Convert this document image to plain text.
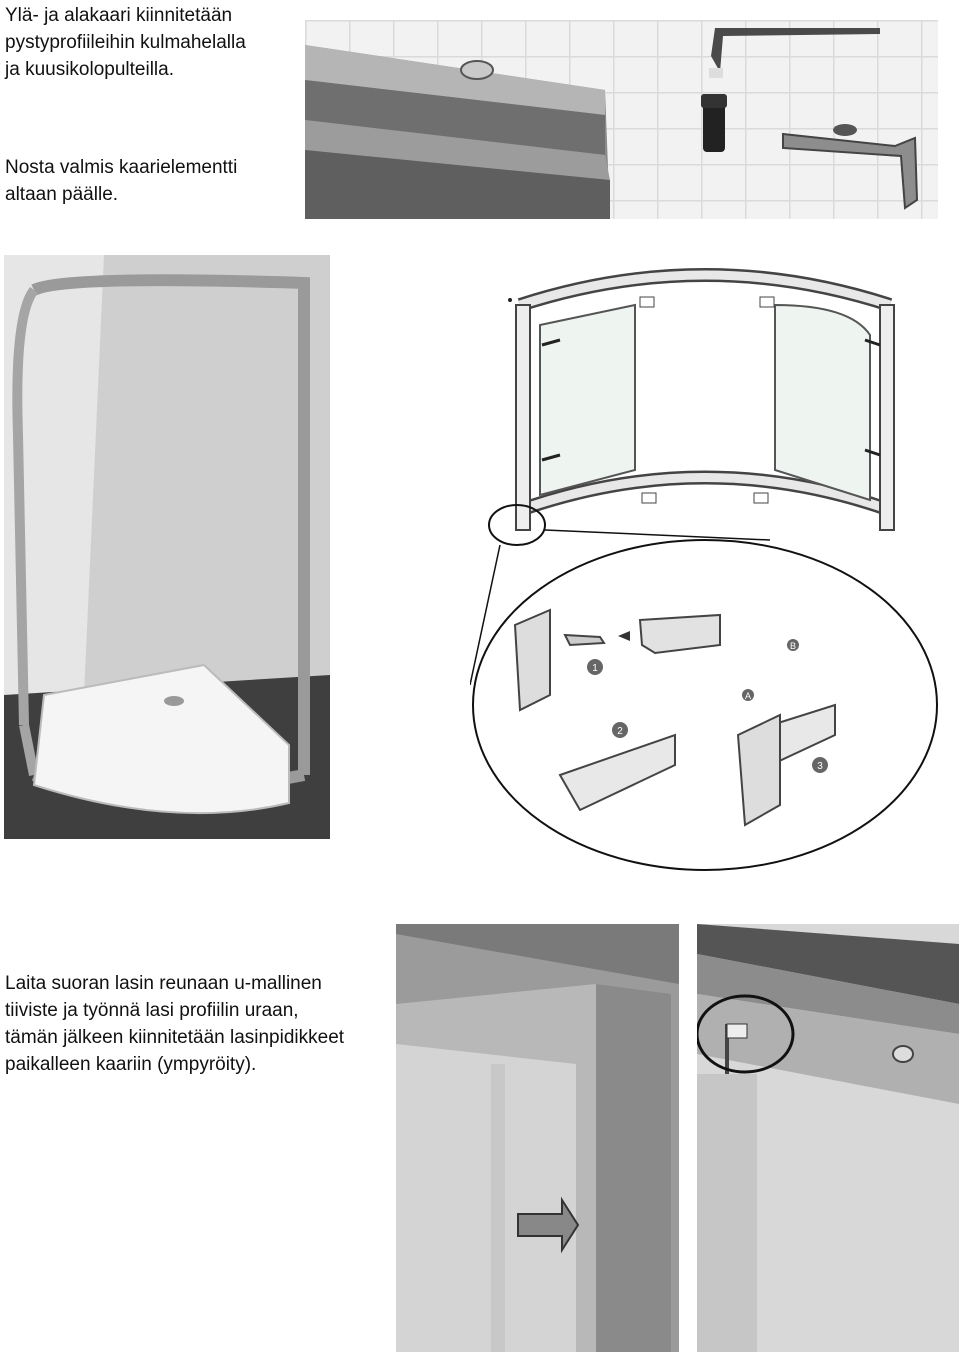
Ylä- ja alakaari kiinnitetään

pystyprofiileihin kulmahelalla

ja kuusikolopulteilla.

Nosta valmis kaarielementti

altaan päälle.

Laita suoran lasin reunaan u-mallinen

tiiviste ja työnnä lasi profiilin uraan,

tämän jälkeen kiinnitetään lasinpidikkeet

paikalleen kaariin (ympyröity).

1
2
3
A
B
